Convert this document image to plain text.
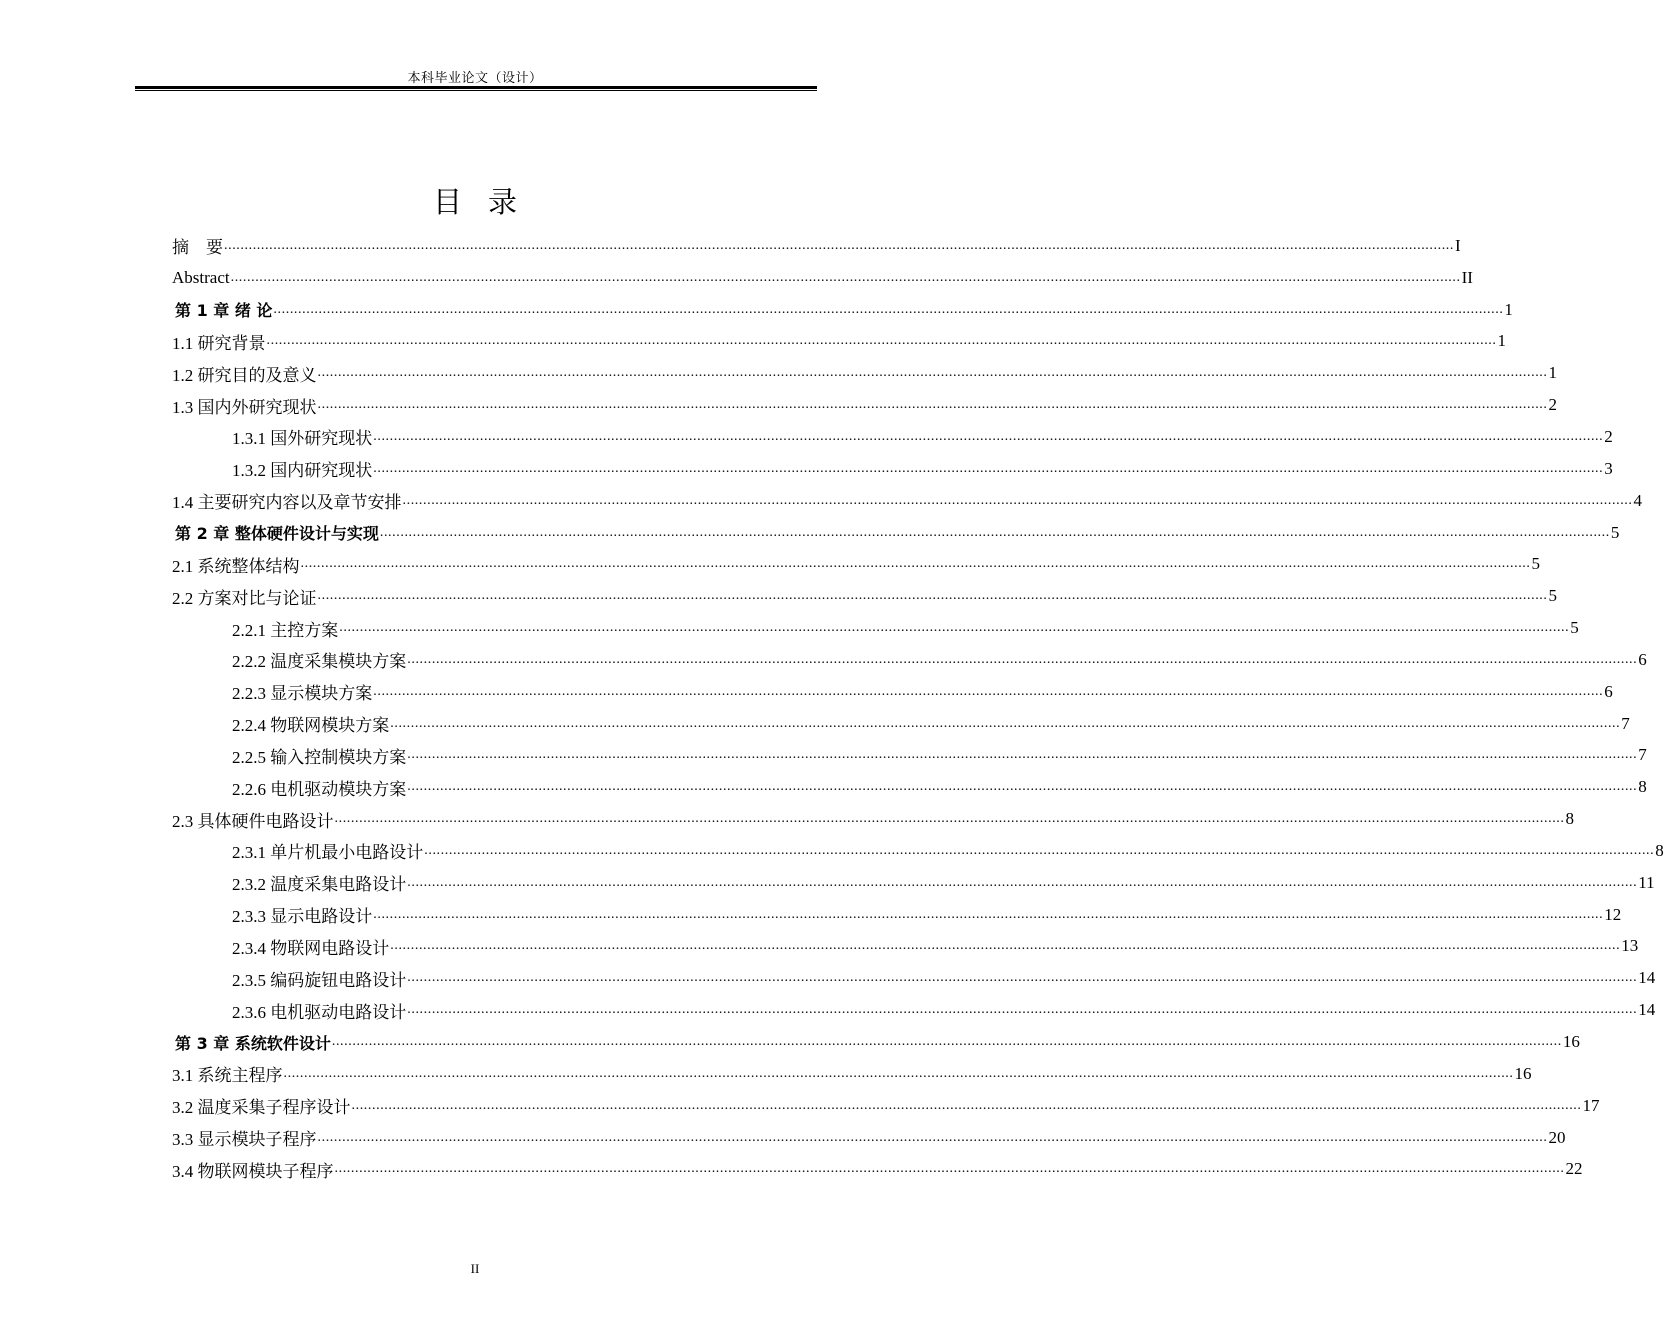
本科毕业论文（设计）
目录
摘　要 ............................................................................................................................................................................................................................................................................................................ I
Abstract ............................................................................................................................................................................................................................................................................................................ II
第 1 章 绪 论 ............................................................................................................................................................................................................................................................................................................ 1
1.1 研究背景 ............................................................................................................................................................................................................................................................................................................ 1
1.2 研究目的及意义 ............................................................................................................................................................................................................................................................................................................ 1
1.3 国内外研究现状 ............................................................................................................................................................................................................................................................................................................ 2
1.3.1 国外研究现状 ............................................................................................................................................................................................................................................................................................................ 2
1.3.2 国内研究现状 ............................................................................................................................................................................................................................................................................................................ 3
1.4 主要研究内容以及章节安排 ............................................................................................................................................................................................................................................................................................................ 4
第 2 章 整体硬件设计与实现 ............................................................................................................................................................................................................................................................................................................ 5
2.1 系统整体结构 ............................................................................................................................................................................................................................................................................................................ 5
2.2 方案对比与论证 ............................................................................................................................................................................................................................................................................................................ 5
2.2.1 主控方案 ............................................................................................................................................................................................................................................................................................................ 5
2.2.2 温度采集模块方案 ............................................................................................................................................................................................................................................................................................................ 6
2.2.3 显示模块方案 ............................................................................................................................................................................................................................................................................................................ 6
2.2.4 物联网模块方案 ............................................................................................................................................................................................................................................................................................................ 7
2.2.5 输入控制模块方案 ............................................................................................................................................................................................................................................................................................................ 7
2.2.6 电机驱动模块方案 ............................................................................................................................................................................................................................................................................................................ 8
2.3 具体硬件电路设计 ............................................................................................................................................................................................................................................................................................................ 8
2.3.1 单片机最小电路设计 ............................................................................................................................................................................................................................................................................................................ 8
2.3.2 温度采集电路设计 ............................................................................................................................................................................................................................................................................................................ 11
2.3.3 显示电路设计 ............................................................................................................................................................................................................................................................................................................ 12
2.3.4 物联网电路设计 ............................................................................................................................................................................................................................................................................................................ 13
2.3.5 编码旋钮电路设计 ............................................................................................................................................................................................................................................................................................................ 14
2.3.6 电机驱动电路设计 ............................................................................................................................................................................................................................................................................................................ 14
第 3 章 系统软件设计 ............................................................................................................................................................................................................................................................................................................ 16
3.1 系统主程序 ............................................................................................................................................................................................................................................................................................................ 16
3.2 温度采集子程序设计 ............................................................................................................................................................................................................................................................................................................ 17
3.3 显示模块子程序 ............................................................................................................................................................................................................................................................................................................ 20
3.4 物联网模块子程序 ............................................................................................................................................................................................................................................................................................................ 22
II
